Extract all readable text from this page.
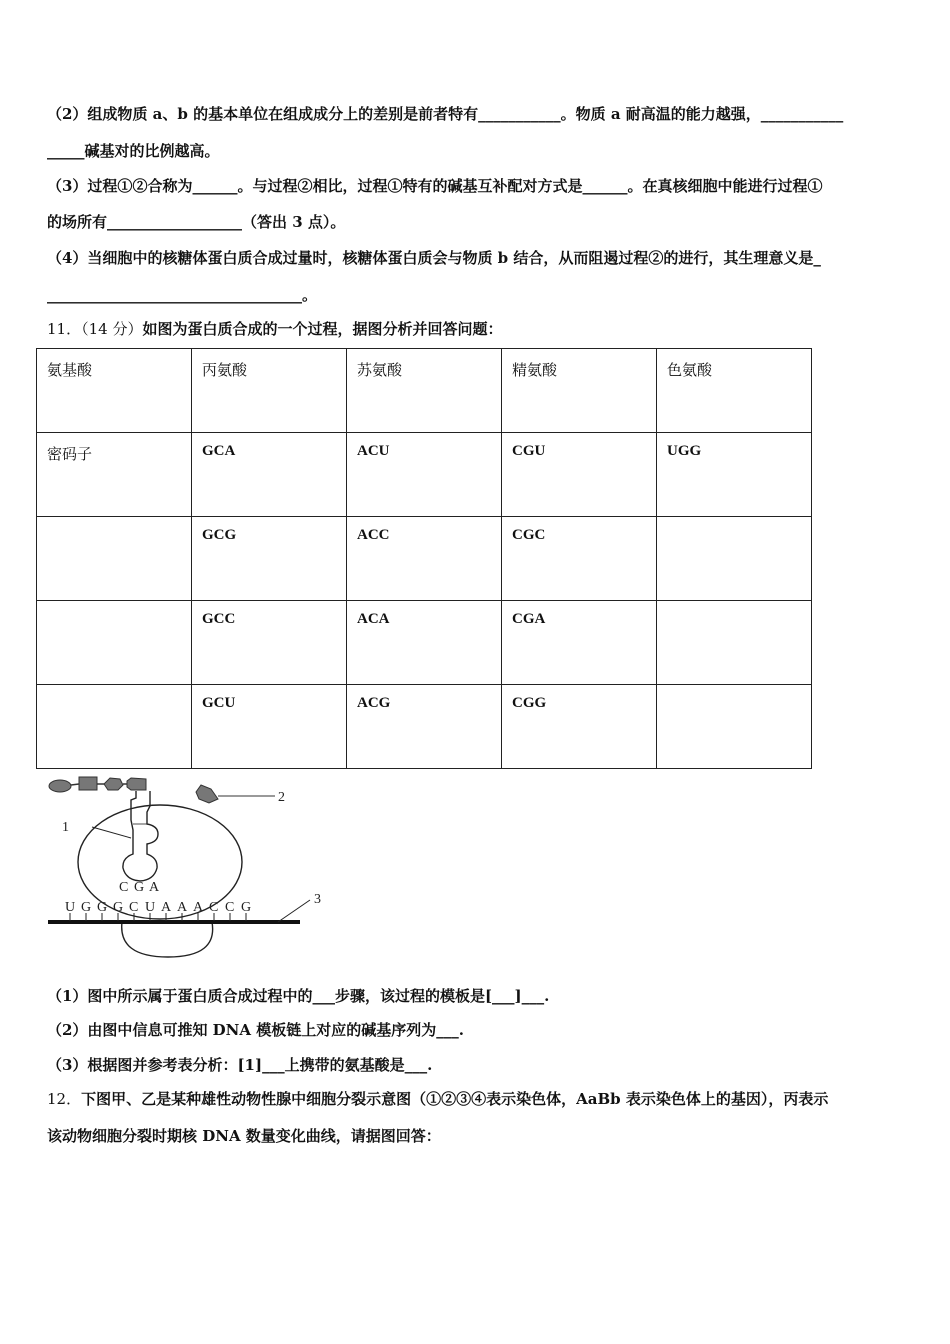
（2）组成物质 a、b 的基本单位在组成成分上的差别是前者特有___________。物质 a 耐高温的能力越强，___________
_____碱基对的比例越高。
（3）过程①②合称为______。与过程②相比，过程①特有的碱基互补配对方式是______。在真核细胞中能进行过程①
的场所有__________________（答出 3 点）。
（4）当细胞中的核糖体蛋白质合成过量时，核糖体蛋白质会与物质 b 结合，从而阻遏过程②的进行，其生理意义是_
__________________________________。
11．（14 分）如图为蛋白质合成的一个过程，据图分析并回答问题：
氨基酸	丙氨酸	苏氨酸	精氨酸	色氨酸
密码子	GCA	ACU	CGU	UGG
	GCG	ACC	CGC	
	GCC	ACA	CGA	
	GCU	ACG	CGG	
2
1
C G A
3
U G G G C U A A A C C G
（1）图中所示属于蛋白质合成过程中的___步骤，该过程的模板是[___]___.
（2）由图中信息可推知 DNA 模板链上对应的碱基序列为___.
（3）根据图并参考表分析：[1]___上携带的氨基酸是___.
12．下图甲、乙是某种雄性动物性腺中细胞分裂示意图（①②③④表示染色体，AaBb 表示染色体上的基因），丙表示
该动物细胞分裂时期核 DNA 数量变化曲线，请据图回答：
